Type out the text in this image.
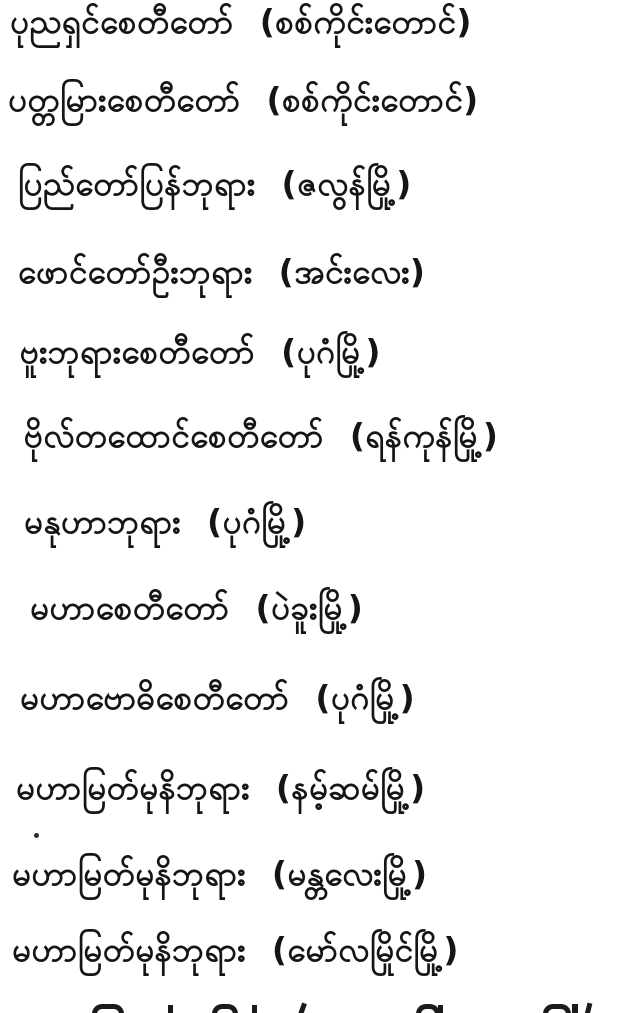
ပုညရှင်စေတီတော် (စစ်ကိုင်းတောင်)
ပတ္တမြားစေတီတော် (စစ်ကိုင်းတောင်)
ပြည်တော်ပြန်ဘုရား (ဇလွန်မြို့)
ဖောင်တော်ဦးဘုရား (အင်းလေး)
ဗူးဘုရားစေတီတော် (ပုဂံမြို့)
ဗိုလ်တထောင်စေတီတော် (ရန်ကုန်မြို့)
မနုဟာဘုရား (ပုဂံမြို့)
မဟာစေတီတော် (ပဲခူးမြို့)
မဟာဗောဓိစေတီတော် (ပုဂံမြို့)
မဟာမြတ်မုနိဘုရား (နမ့်ဆမ်မြို့)
မဟာမြတ်မုနိဘုရား (မန္တလေးမြို့)
မဟာမြတ်မုနိဘုရား (မော်လမြိုင်မြို့)
